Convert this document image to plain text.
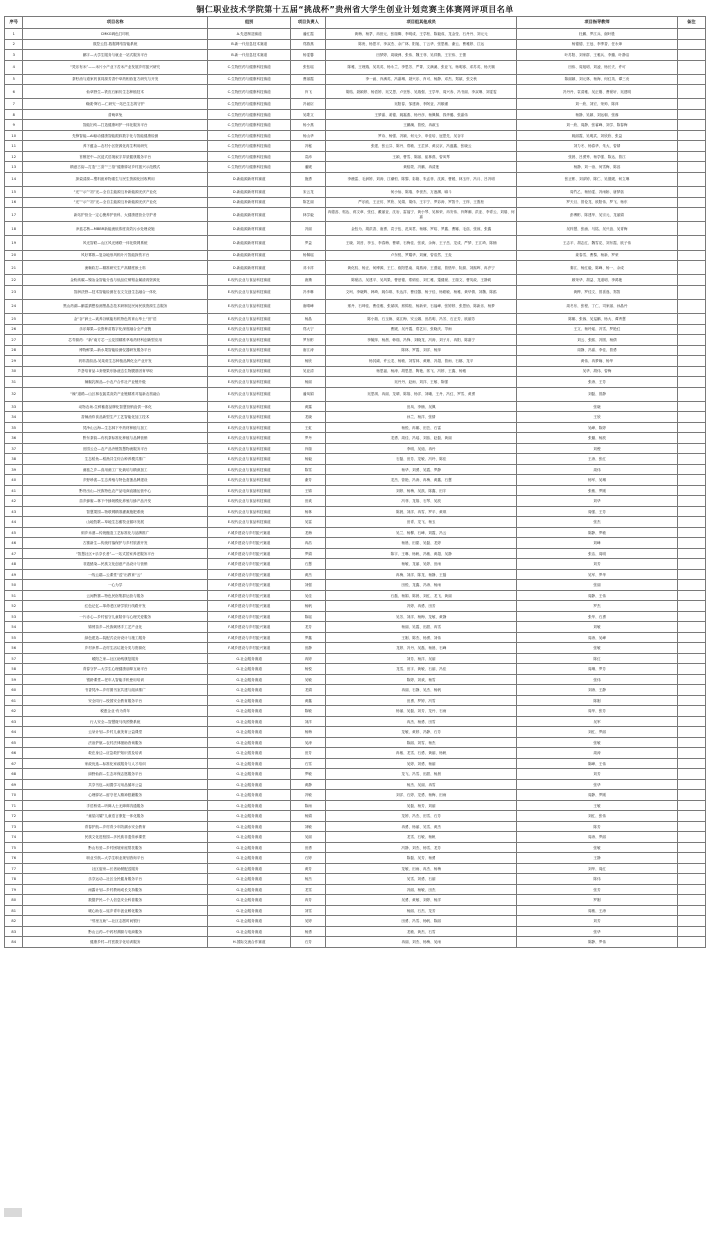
铜仁职业技术学院第十五届“挑战杯”贵州省大学生创业计划竞赛主体赛网评项目名单
序号	项目名称	组别	项目负责人	项目组其他成员	项目指导教师	备注
1	CMKG调色打印机	A.先进制造赛道	潘红霞	黄梅、杨茅、冉世元、张瑞卿、李明成、王学松、陈毅成、龙金莹、石丹丹、刘元元	杜鹏、罗江兵、谢叶胜	
2	数控云控-数据网络智能系统	B.新一代信息技术赛道	郑燕燕	陈贵、杨思平、李双杰、余广林、阳旭、丁云华、张思敏、谢云、曹雅婷、江运	杨德德、王冠、李季香、任永烽	
3	鹏宇—大学生服务与就业一站式服务平台	B.新一代信息技术赛道	杨雯馨	田梦婷、周晓洲、张伟、魏王菲、吴祥勤、王宏伟、王蕾	叶苏阳、刘家群、王雅兵、李璐、叶静洁	
4	“梵乐有米”——米片小产业下苦米产业发展乡村振兴研究	C.生物医药与健康科技赛道	张钰瑶	陈雅、王理瑞、吴英英、杨永兰、李思芳、严菁、文满溪、张亚飞、杨明寒、邓苏英、杨天顺	田伟、周旭明、刘凌、杨长夫、许可	
5	茶籽油与道家药食同源芳香中草药相协复方研究与开发	C.生物医药与健康科技赛道	曹丽霞	李一函、肖满英、冯嘉琳、聂兴乐、肖可、杨静、邓杰、郑斌、张文秋	陈丽颖、刘元林、杨海、何红英、谭三贡	
6	仙草野生—铁皮石斛仿生态种植技术	C.生物医药与健康科技赛道	肖飞	胡榕、聂颖婷、杨语婷、吴艾思、卢坚彤、吴瑞强、王学华、周兴寿、冯书丽、李双琳、刘雯雯	冯丹丹、袁清雅、吴正刚、曹豪轩、吴建明	
7	缘砚·辉石—仁研究一站巴生态的守护	C.生物医药与健康科技赛道	冯诞臣	吴阳春、邹建涛、李阿亚、冯顺谨	刘一欣、刘宏、荣帅、陈萍	
8	普萌草兔	C.生物医药与健康科技赛道	吴歌文	王梦嘉、姜德、姚霜燕、杨丹彦、杨佩佩、钱华璐、张嘉伟	杨静、吴颖、刘运朝、张蓉	
9	智能妇幼—打造健康呵护一体化服务平台	C.生物医药与健康科技赛道	杨小燕	王鹏澜、曾悦、冉淑玉	刘一欣、周静、张睿峰、刘学、陈春梅	
10	先锋智能—AI驱动健康智能跟踪数字化与智能健康检测	C.生物医药与健康科技赛道	杨山华	罗诗、杨强、冯颖、何元少、申佳培、冠思先、吴谷宇	姚丽霞、吴明武、刘欣欣、张益	
11	养下蕴金—农村小区资源化再生利用研究	C.生物医药与健康科技赛道	冯秘	张建、张云芬、陈丹、郑敏、王芷萍、黄汉京、冯盛鑫、张晓云	刘力冬、杨春华、朱大、曾婧	
12	首骸老中—沉浸式语境叙字异质健康服务平台	C.生物医药与健康科技赛道	袁沛	王颖、曹雪、陈丽、崔林燕、曾凤琴	张晨、吕勇秀、杨学强、陈达、曾江	
13	精意古韵—打造“三喜”“三俗”健康驿站乡村振兴示范模式	C.生物医药与健康科技赛道	潘媛	黄榕蒙、冯鹏、冉清莲	杨静、刘一治、何雪梅、陈蕊	
14	探索清源—塑料废弃物重生与民生资源化回收利用	D.新能源新材料赛道	施勇	李薇雷、毛润婷、刘涛、江潮恒、陈黎、彩箱、朱孟菲、沈源、曹媛、林玉杆、冯月、吕冯明	张正彬、刘泽婷、陈仁、吴德媛、何立琳	
15	“光”“示”“初”光—全自主能源互补新能源光伏产业化	D.新能源新材料赛道	宋云龙	何小仙、陈瑞、李世杰、万逐渊、喻斗	周竹乙、杨怡雯、冯雨娇、唐梦蓓	
16	“光”“示”“初”光—全自主能源互补新能源光伏产业化	D.新能源新材料赛道	陈艺丽	严乐欧、王正仿、罗欣、吴娟、胡伟、王宇宁、罗彩涛、罗智千、王梓、王胜松	罗天旦、曾伦龙、欧阳伟、罗飞、杨东	
17	新站护营全一定心聚养护营科，大健康建营全守护者	D.新能源新材料赛道	林学毅	冉德蕊、郭达、蒋文章、张红、戴丽亚、沈岩、雷福宁、黄小琴、吴林荣、冉安伟、肖辉潮、洪亚、李青云、刘瑞、何嘉	彭博彬、陈建华、吴宗元、龙丽娟	
18	净蓝芯核—MBBR新能流低浓度高效污水处理设施	D.新能源新材料赛道	冯丽	金钰为、胡洪香、唐勇、袁子伍、范凤君、杨娜、罗绍、罗鑫、曹娜、毛蓓、张琼、张鑫	吴梓慧、张涌、马铭、吴兴浪、吴青梅	
19	风光智联—山区风光储联一体化微网系统	D.新能源新材料赛道	罗益	王晓、刘晋、李玉、李春梅、曹晴、石梅佳、张欢、余海、王子岳、龙成、严梦、王江琦、陈楠	王志平、胡志红、魏雪花、刘东霞、欧子伟	
20	风好雾散—复杂地形风机叶片智能探伤平台	D.新能源新材料赛道	杨佩瑶	卢东悦、罗耀华、刘廉、曾浩然、王炎	姜春雪、曹黎、杨新、罗荣	
21	流畅软打—精准研究生产高精度嵌土料	D.新能源新材料赛道	邓卡祥	黄化权、杨正、何博源、王仁、欧阳思南、周燕涛、王澄瑶、曾惜华、阮源、刘熙晖、冉汐宁	秦江、杨红毅、陈峰、杨一、余成	
22	金粉高碳—镍冶金智能分选与低品位铜钼金属渣再资源化	E.现代农业与食品科技赛道	唐黛	陈豪洁、吴建平、吴风果、曹爱德、郑炳佳、刘仁雅、蓬健豪、王瑞文、曹英政、王静莉	顾荣华、胡益、龙道明、李鸿艳	
23	智润沃野—技术智能检测在农文交创生态融合一体化	E.现代农业与食品科技赛道	冯孝琳	文珂、李晓辉、韩琦、姚尔琪、朱达洋、曹佳馨、杨子佳、杨聪敏、杨雅、黄华倩、刘魏、陈鸥	黄桦、罗佳文、曾喜逸、郑智	
24	黑山药湖—鹏雷猜想检测黑晶态技术研制及民间民族资源生态服务	E.现代农业与食品科技赛道	唐晴峰	邢丹、石坤佳、曹佳雅、张斌琪、邢锦桂、杨新荣、石福峰、张婷婷、张思怡、陈新乐、杨梦	周冬东、张程、丁仁、司家丽、孙晶丹	
25	金“谷”润土—欢养谷赋能有机特色的育山萃土“田”语	E.现代农业与食品科技赛道	杨晶	陈小瑞、石玉焕、莫江梅、安云娜、田浩明、冯芳、石正芳、欧丽芳	陈娜、张蓉、吴巡鹏、杨大、谭秀慧	
26	乐乐莓果—农资种苗数字化深度融合全产业链	E.现代农业与食品科技赛道	郑大宁	曹媛、吴丹霞、郑艺川、张晓庆、岑雨	王文、杨玲瑶、冯雪、罗艳红	
27	芯苓源药：“新”南方芯一云花园精准萃取药材科创新型应用	E.现代农业与食品科技赛道	罗东彬	李毓萍、杨晨、韩瑞、冯锋、刘晓龙、冯涛、刘子月、冉阳、陈嘉宁	刘云、张熙、冯圆、杨倩	
28	博物鲜果—新水果智能检测仪器研发服务平台	E.现代农业与食品科技赛道	唐江涛	陈林、罗霞、刘洋、杨萍	周静、冯嘉、李佳、曾勇	
29	药料香韵品-吴茱萸生态种植品牌化全产业开发	E.现代农业与食品科技赛道	杨欣	杨其阔、许云龙、杨敏、刘雪林、黄珊、冯超、曾雨、石娜、龙平	黄伟、冉梦娴、杨华	
30	芦荟培育品-1套壁果东脉液态生物膜基因育萃取	E.现代农业与食品科技赛道	吴亚清	杨思福、杨涛、胡思思、陶艳、郭飞、冯婷、王鑫、杨雅	吴华、胡伟、曾梅	
31	辣椒乳制品—小农户合作社产业链升级	E.现代农业与食品科技赛道	杨丽	吴丹丹、赵雨、刘洋、王敏、陈强	张涛、王芳	
32	“辣”道路—山区林农蔬菜高效产业链精准对接新农旅融合	E.现代农业与食品科技赛道	潘凤娟	吴思琪、冉丽、龙晴、陈翔、杨洋、刘曦、王丹、冯红、罗雪、黄勇	刘磊、曾静	
33	动物农场-生鲜畜禽品牌化智慧营销直供一体化	E.现代农业与食品科技赛道	黄露	田凤、李楠、吴佩	张晓	
34	香辣油炸食品新型生产工艺智能化加工技术	E.现代农业与食品科技赛道	龙晓	孙兰、杨洋、张倩	王欣	
35	梵净山云海—生态林下中药材种植与加工	E.现代农业与食品科技赛道	王虹	杨悦、冉娜、田芸、石雷	吴峰、陈婷	
36	黔东茶韵—有机茶标准化种植与品牌营销	E.现代农业与食品科技赛道	罗丹	龙勇、周佳、冯瑶、刘蕊、赵磊、黄丽	张璐、杨波	
37	田园云仓—农产品冷链智慧物流服务平台	E.现代农业与食品科技赛道	肖瑞	李明、吴迪、冉丹	刘俊	
38	生态稻鱼—稻渔共生综合种养模式推广	E.现代农业与食品科技赛道	杨毅	石磊、田芳、龙敏、冯玲、陈佳	王涛、张红	
39	菌菇之乡—食用菌工厂化栽培与精深加工	E.现代农业与食品科技赛道	陈雪	杨华、刘勇、吴霞、罗静	周伟	
40	乡野珍禽—生态养殖与特色禽蛋品牌建设	E.现代农业与食品科技赛道	谢芳	龙杰、曾艳、冯涛、冉梅、黄鑫、石慧	杨军、吴琳	
41	黔货出山—民族特色农产品电商直播运营中心	E.现代农业与食品科技赛道	王锦	刘婷、杨梅、吴凯、陈鑫、田宇	张敏、罗刚	
42	苗乡蜂蜜—林下中蜂规模化养殖与蜂产品开发	E.现代农业与食品科技赛道	田欢	冯菲、龙翔、石琴、吴波	刘华	
43	智慧果园—物联网精准灌溉施肥系统	E.现代农业与食品科技赛道	杨林	陈晨、刘洋、冉雪、罗平、黄琪	周强、王芳	
44	山地牧歌—草地生态畜牧业循环发展	E.现代农业与食品科技赛道	吴雷	田青、龙飞、杨玉	张杰	
45	侗乡米酒—传统酿造工艺标准化与品牌推广	F.城乡建设与乡村振兴赛道	龙梅	吴兰、杨柳、石峰、刘霞、冯云	陈静、罗敏	
46	古寨新生—传统村落保护与乡村旅游开发	F.城乡建设与乡村振兴赛道	冉浩	杨晨、田甜、吴磊、龙婷	刘峰	
47	“智慧社区+乐享长者”—一站式居家养老服务平台	F.城乡建设与乡村振兴赛道	罗娟	陈宇、王琳、杨帆、冯敏、黄超、吴静	张洁、周明	
48	非遗蜡染—民族文化创意产品设计与营销	F.城乡建设与乡村振兴赛道	石慧	杨敏、龙丽、吴婷、田雨	刘芳	
49	一线云端—云课堂“送”出教育“云”	F.城乡建设与乡村振兴赛道	黄杰	冉梅、刘洋、陈龙、杨静、王磊	吴军、罗华	
50	一心为学	F.城乡建设与乡村振兴赛道	刘强	田悦、龙鑫、冯涛、杨雨	张丽	
51	云间黔寨—特色民宿集群运营与服务	F.城乡建设与乡村振兴赛道	吴佳	石磊、杨娟、陈晨、刘红、龙飞、黄丽	周静、王伟	
52	红色记忆—革命老区研学旅行线路开发	F.城乡建设与乡村振兴赛道	杨帆	冯婷、冉勇、田芳	罗杰	
53	一片赤心—乡村留守儿童陪伴与心理关爱服务	F.城乡建设与乡村振兴赛道	陈瑶	吴芳、刘洋、杨梅、龙敏、黄静	张华、石勇	
54	锦绣苗乡—民族刺绣手工艺产业化	F.城乡建设与乡村振兴赛道	龙芳	杨丽、吴霞、田甜、冉雪	刘敏	
55	绿色建造—装配式农房设计与施工服务	F.城乡建设与乡村振兴赛道	罗鑫	王刚、陈杰、杨勇、刘伟	周涛、吴峰	
56	乡村净界—农村生活垃圾分类与资源化	F.城乡建设与乡村振兴赛道	田静	龙婷、冯丹、吴磊、杨晨、石峰	张敏	
57	暖阳之家—社区助残康复服务	G.社会服务赛道	冉婷	刘芳、杨洋、吴丽	陈红	
58	青春守护—大学生心理健康朋辈互助平台	G.社会服务赛道	杨悦	龙雪、田宇、黄敏、石丽、冯佳	周琳、罗芳	
59	银龄课堂—老年人智能手机使用培训	G.社会服务赛道	吴敏	陈婷、刘欢、杨雪	张伟	
60	书香梵净—乡村图书室共建与阅读推广	G.社会服务赛道	龙娟	冉丽、石静、吴杰、杨帆	刘涛、王静	
61	安全同行—校园安全教育服务平台	G.社会服务赛道	黄鑫	田勇、罗婷、冯雪	陈刚	
62	税惠企业·有为青年	G.社会服务赛道	陈敏	杨丽、吴磊、刘芳、龙丹、石雨	周华、张芳	
63	行人安全—智慧斑马线预警系统	G.社会服务赛道	刘洋	冉杰、杨勇、田雪	吴军	
64	云朵计划—乡村儿童美育公益课堂	G.社会服务赛道	杨梅	龙敏、黄婷、冯静、石芳	刘红、罗丽	
65	法治护航—农村法律援助咨询服务	G.社会服务赛道	吴涛	陈丽、刘雪、杨杰	张敏	
66	救在身边—应急救护知识普及培训	G.社会服务赛道	田芳	冉敏、龙雪、石勇、黄丽、杨帆	周涛	
67	家政优选—标准化家政服务与人才培训	G.社会服务赛道	石雪	吴婷、刘勇、杨丽	陈峰、王伟	
68	绿野仙踪—生态环保志愿服务平台	G.社会服务赛道	罗敏	龙飞、冯雪、田甜、杨晨	刘芳	
69	共享书包—闲置学习用品循环公益	G.社会服务赛道	黄静	杨杰、吴丽、冉雪	张华	
70	心理驿站—留守老人精神慰藉服务	G.社会服务赛道	冯敏	刘洋、石婷、龙勇、杨梅、田雨	周静、罗刚	
71	手语桥梁—听障人士无障碍沟通服务	G.社会服务赛道	陈雨	吴磊、杨芳、刘丽	王敏	
72	“童星闪耀”儿童语言康复一体化服务	G.社会服务赛道	杨娟	龙婷、冯杰、田雪、石芳	刘红、张伟	
73	青春护航—乡村青少年防溺水安全教育	G.社会服务赛道	刘敏	冉勇、杨丽、吴雪、黄杰	陈芳	
74	民族文化进校园—多民族非遗传承课堂	G.社会服务赛道	吴丽	龙雪、石敏、杨帆	周涛、罗丽	
75	黔山有爱—乡村困境家庭帮扶服务	G.社会服务赛道	田勇	冯静、刘杰、杨雪、龙芳	张敏	
76	职业引航—大学生职业规划咨询平台	G.社会服务赛道	石婷	陈磊、吴芳、杨勇	王静	
77	社区厨房—长者助餐配送服务	G.社会服务赛道	黄芳	龙敏、田雨、冉杰、杨梅	刘华、周红	
78	乐享运动—社区全民健身服务平台	G.社会服务赛道	杨杰	吴雪、刘勇、石丽	陈伟	
79	雨露计划—乡村教师成长支持服务	G.社会服务赛道	龙雪	冯丽、杨敏、田杰	张芳	
80	数据护民—个人信息安全科普服务	G.社会服务赛道	冉芳	吴勇、黄敏、刘婷、杨洋	罗刚	
81	暖心助农—返乡青年创业孵化服务	G.社会服务赛道	刘雪	杨丽、石杰、龙芳	周敏、王涛	
82	“邻里互助”—社区志愿时间银行	G.社会服务赛道	吴婷	田勇、冯雪、杨帆、陈丽	刘芳	
83	黔山云药—中药材溯源与电商服务	G.社会服务赛道	杨勇	龙敏、黄杰、石雪	张华	
84	健康乡村—村医数字化培训服务	H.国际交流合作赛道	石芳	冉丽、刘杰、杨梅、吴雨	陈静、罗伟	
